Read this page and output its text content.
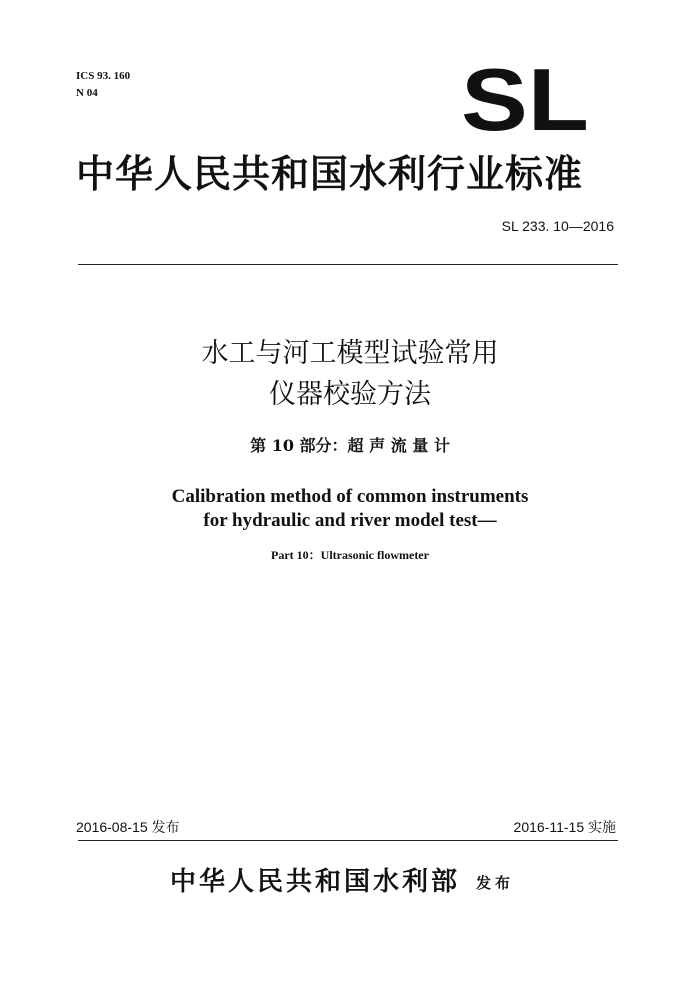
ICS 93. 160
N 04	SL
中华人民共和国水利行业标准
SL 233. 10—2016
水工与河工模型试验常用
仪器校验方法
第 10 部分：超 声 流 量 计
Calibration method of common instruments
for hydraulic and river model test—
Part 10：Ultrasonic flowmeter
2016-08-15 发布	2016-11-15 实施
中华人民共和国水利部 发布
